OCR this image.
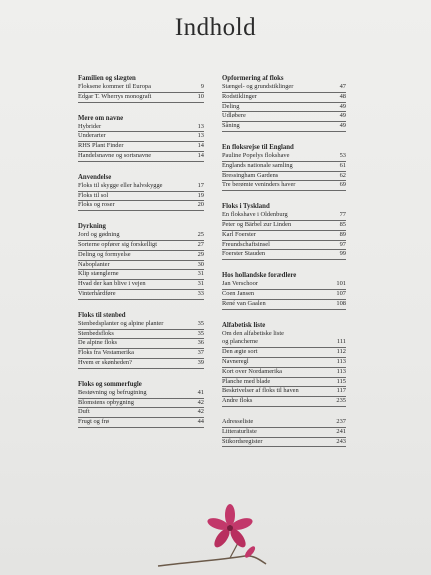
Indhold
Familien og slægten
Floksene kommer til Europa	9
Edgar T. Wherrys monografi	10
Mere om navne
Hybrider	13
Underarter	13
RHS Plant Finder	14
Handelsnavne og sortsnavne	14
Anvendelse
Floks til skygge eller halvskygge	17
Floks til sol	19
Floks og roser	20
Dyrkning
Jord og gødning	25
Sorterne opfører sig forskelligt	27
Deling og formyelse	29
Naboplanter	30
Klip stænglerne	31
Hvad der kan blive i vejen	31
Vinterhårdføre	33
Floks til stenbed
Stenbedsplanter og alpine planter	35
Stenbedsfloks	35
De alpine floks	36
Floks fra Vestamerika	37
Hvem er skønheden?	39
Floks og sommerfugle
Bestøvning og befrugtning	41
Blomstens opbygning	42
Duft	42
Frugt og frø	44
Opformering af floks
Stængel- og grundstiklinger	47
Rodstiklinger	48
Deling	49
Udløbere	49
Såning	49
En floksrejse til England
Pauline Popelys flokshave	53
Englands nationale samling	61
Bressingham Gardens	62
Tre berømte veninders haver	69
Floks i Tyskland
En flokshave i Oldenburg	77
Peter og Bärbel zur Linden	85
Karl Foerster	89
Freundschaftsinsel	97
Foerster Stauden	99
Hos hollandske forædlere
Jan Verschoor	101
Coen Jansen	107
René van Gaalen	108
Alfabetisk liste
Om den alfabetiske liste
og plancherne	111
Den ægte sort	112
Navneregl	113
Kort over Nordamerika	113
Planche med blade	115
Beskrivelser af floks til haven	117
Andre floks	235
Adresseliste	237
Litteraturliste	241
Stikordsregister	243
